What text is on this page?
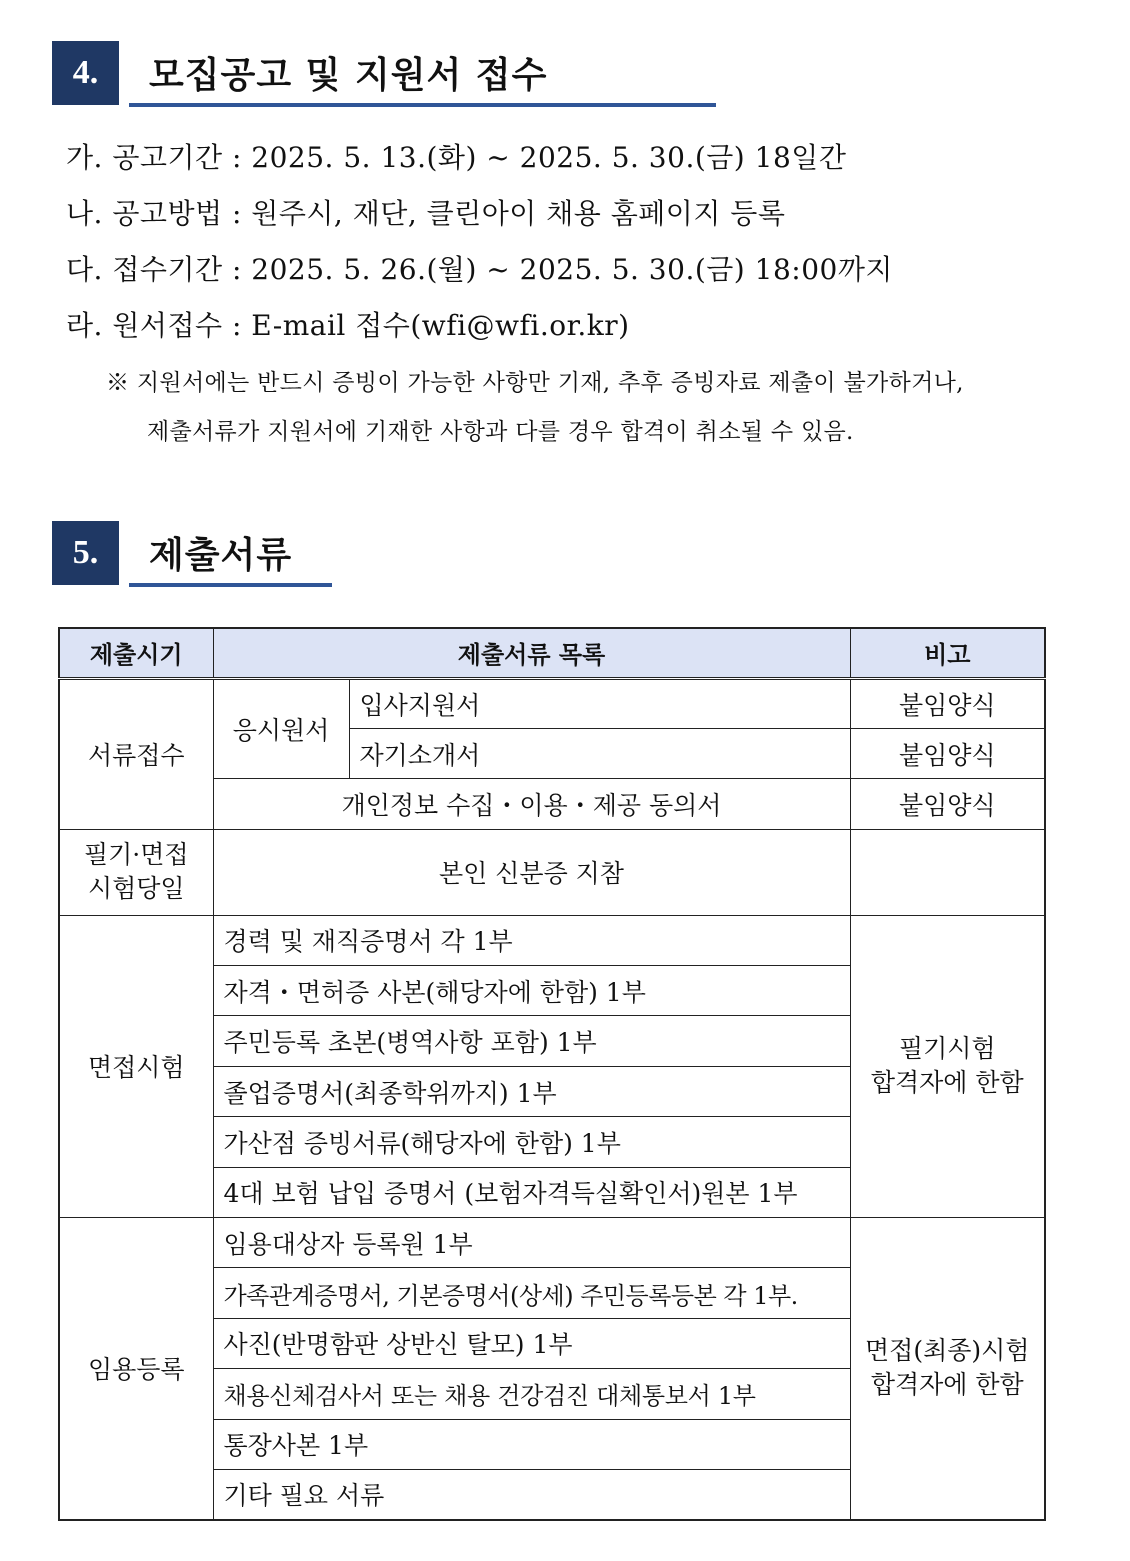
4.	모집공고 및 지원서 접수
가. 공고기간 : 2025. 5. 13.(화) ~ 2025. 5. 30.(금) 18일간
나. 공고방법 : 원주시, 재단, 클린아이 채용 홈페이지 등록
다. 접수기간 : 2025. 5. 26.(월) ~ 2025. 5. 30.(금) 18:00까지
라. 원서접수 : E-mail 접수(wfi@wfi.or.kr)
※ 지원서에는 반드시 증빙이 가능한 사항만 기재, 추후 증빙자료 제출이 불가하거나,
제출서류가 지원서에 기재한 사항과 다를 경우 합격이 취소될 수 있음.
5.	제출서류
제출시기	제출서류 목록		비고
서류접수	응시원서	입사지원서	붙임양식
		자기소개서	붙임양식
	개인정보 수집・이용・제공 동의서		붙임양식
필기·면접
시험당일	본인 신분증 지참		
면접시험	경력 및 재직증명서 각 1부		필기시험
합격자에 한함
	자격・면허증 사본(해당자에 한함) 1부		
	주민등록 초본(병역사항 포함) 1부		
	졸업증명서(최종학위까지) 1부		
	가산점 증빙서류(해당자에 한함) 1부		
	4대 보험 납입 증명서 (보험자격득실확인서)원본 1부		
임용등록	임용대상자 등록원 1부		면접(최종)시험
합격자에 한함
	가족관계증명서, 기본증명서(상세) 주민등록등본 각 1부.		
	사진(반명함판 상반신 탈모) 1부		
	채용신체검사서 또는 채용 건강검진 대체통보서 1부		
	통장사본 1부		
	기타 필요 서류		
